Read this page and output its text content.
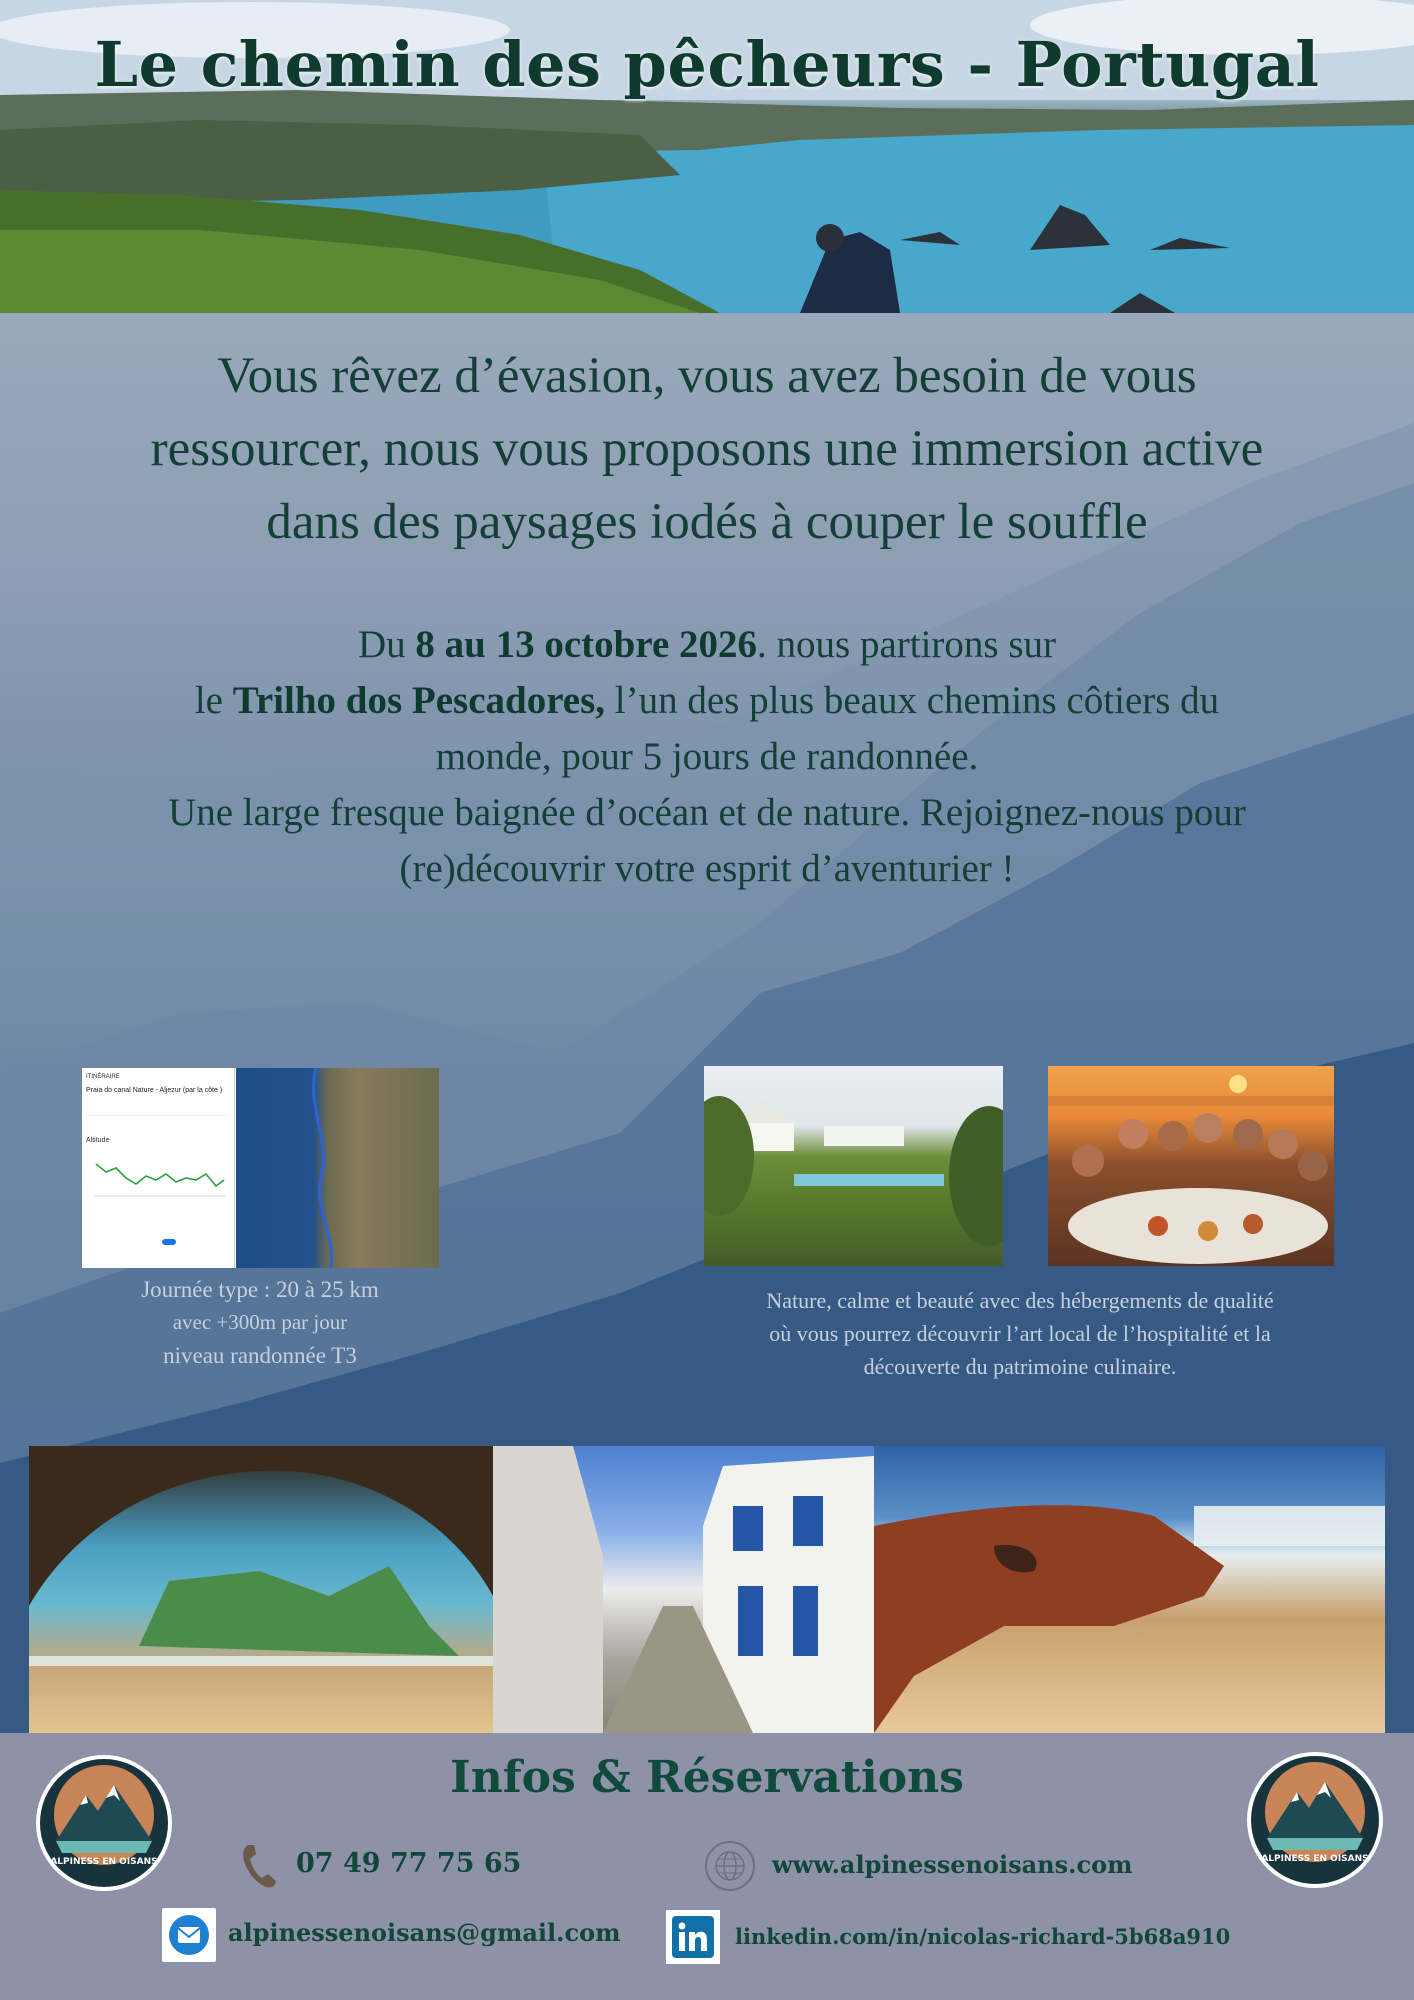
Le chemin des pêcheurs - Portugal
Vous rêvez d’évasion, vous avez besoin de vous
ressourcer, nous vous proposons une immersion active
dans des paysages iodés à couper le souffle
Du 8 au 13 octobre 2026. nous partirons sur
le Trilho dos Pescadores, l’un des plus beaux chemins côtiers du
monde, pour 5 jours de randonnée.
Une large fresque baignée d’océan et de nature. Rejoignez-nous pour
(re)découvrir votre esprit d’aventurier !
ITINÉRAIRE
Praia do canal Nature - Aljezur (par la côte )
Altitude
Journée type : 20 à 25 km
avec +300m par jour
niveau randonnée T3
Nature, calme et beauté avec des hébergements de qualité
où vous pourrez découvrir l’art local de l’hospitalité et la
découverte du patrimoine culinaire.
Infos & Réservations
ALPINESS EN OISANS	ALPINESS EN OISANS
07 49 77 75 65	www.alpinessenoisans.com
alpinessenoisans@gmail.com	linkedin.com/in/nicolas-richard-5b68a910
